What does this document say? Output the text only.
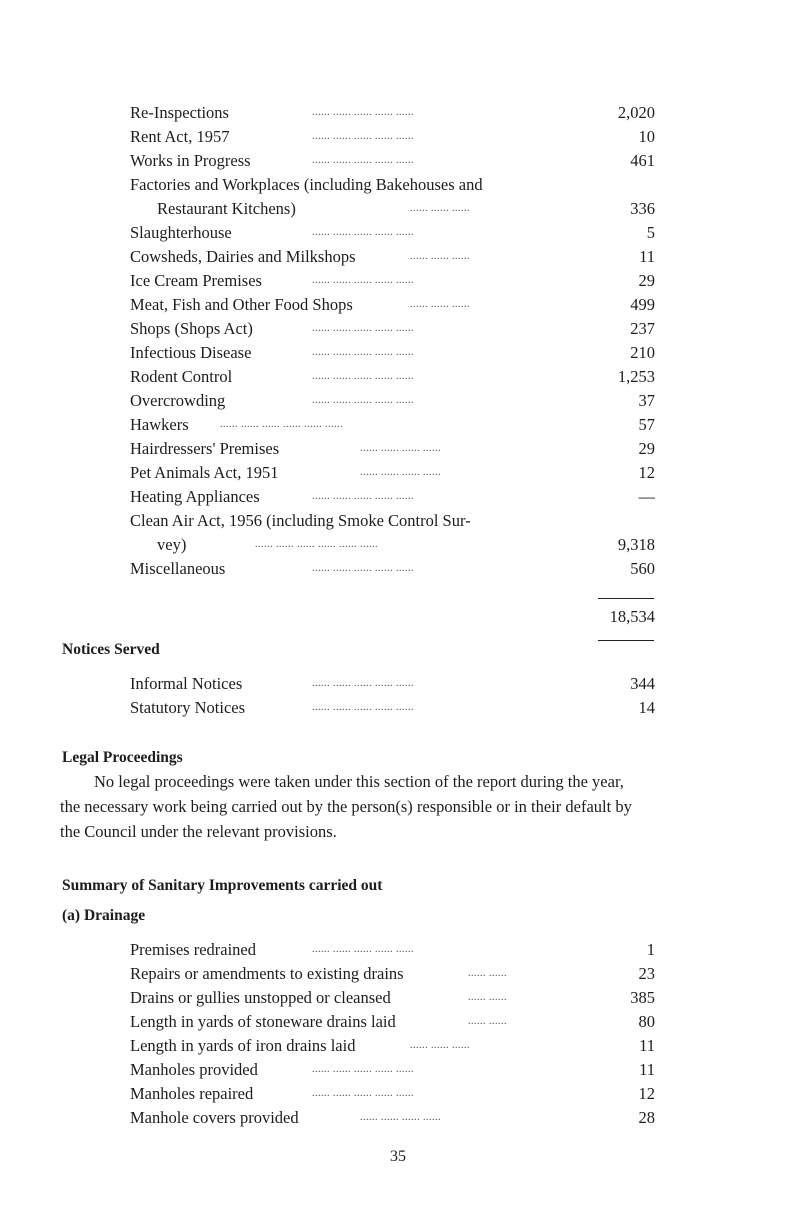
Re-Inspections	...... ...... ...... ...... ......	2,020
Rent Act, 1957	...... ...... ...... ...... ......	10
Works in Progress	...... ...... ...... ...... ......	461
Factories and Workplaces (including Bakehouses and
Restaurant Kitchens)	...... ...... ......	336
Slaughterhouse	...... ...... ...... ...... ......	5
Cowsheds, Dairies and Milkshops	...... ...... ......	11
Ice Cream Premises	...... ...... ...... ...... ......	29
Meat, Fish and Other Food Shops	...... ...... ......	499
Shops (Shops Act)	...... ...... ...... ...... ......	237
Infectious Disease	...... ...... ...... ...... ......	210
Rodent Control	...... ...... ...... ...... ......	1,253
Overcrowding	...... ...... ...... ...... ......	37
Hawkers	...... ...... ...... ...... ...... ......	57
Hairdressers' Premises	...... ...... ...... ......	29
Pet Animals Act, 1951	...... ...... ...... ......	12
Heating Appliances	...... ...... ...... ...... ......	—
Clean Air Act, 1956 (including Smoke Control Sur-
vey)	...... ...... ...... ...... ...... ......	9,318
Miscellaneous	...... ...... ...... ...... ......	560
18,534
Notices Served
Informal Notices	...... ...... ...... ...... ......	344
Statutory Notices	...... ...... ...... ...... ......	14
Legal Proceedings
No legal proceedings were taken under this section of the report during the year,
the necessary work being carried out by the person(s) responsible or in their default by
the Council under the relevant provisions.
Summary of Sanitary Improvements carried out
(a) Drainage
Premises redrained	...... ...... ...... ...... ......	1
Repairs or amendments to existing drains	...... ......	23
Drains or gullies unstopped or cleansed	...... ......	385
Length in yards of stoneware drains laid	...... ......	80
Length in yards of iron drains laid	...... ...... ......	11
Manholes provided	...... ...... ...... ...... ......	11
Manholes repaired	...... ...... ...... ...... ......	12
Manhole covers provided	...... ...... ...... ......	28
35
